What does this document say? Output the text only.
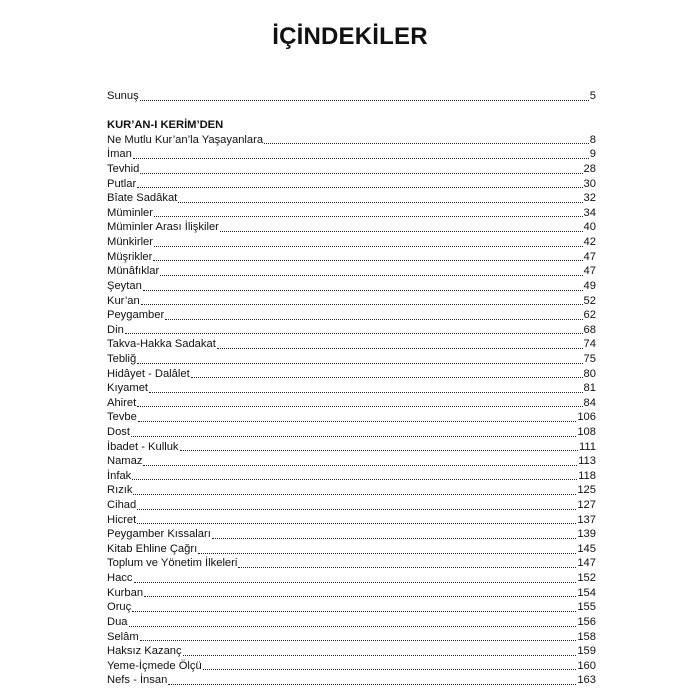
İÇİNDEKİLER
Sunuş	5
KUR’AN-I KERİM’DEN
Ne Mutlu Kur’an’la Yaşayanlara	8
İman	9
Tevhid	28
Putlar	30
Bîate Sadâkat	32
Müminler	34
Müminler Arası İlişkiler	40
Münkirler	42
Müşrikler	47
Münâfıklar	47
Şeytan	49
Kur’an	52
Peygamber	62
Din	68
Takva-Hakka Sadakat	74
Tebliğ	75
Hidâyet - Dalâlet	80
Kıyamet	81
Ahiret	84
Tevbe	106
Dost	108
İbadet - Kulluk	111
Namaz	113
İnfak	118
Rızık	125
Cihad	127
Hicret	137
Peygamber Kıssaları	139
Kitab Ehline Çağrı	145
Toplum ve Yönetim İlkeleri	147
Hacc	152
Kurban	154
Oruç	155
Dua	156
Selâm	158
Haksız Kazanç	159
Yeme-İçmede Ölçü	160
Nefs - İnsan	163
